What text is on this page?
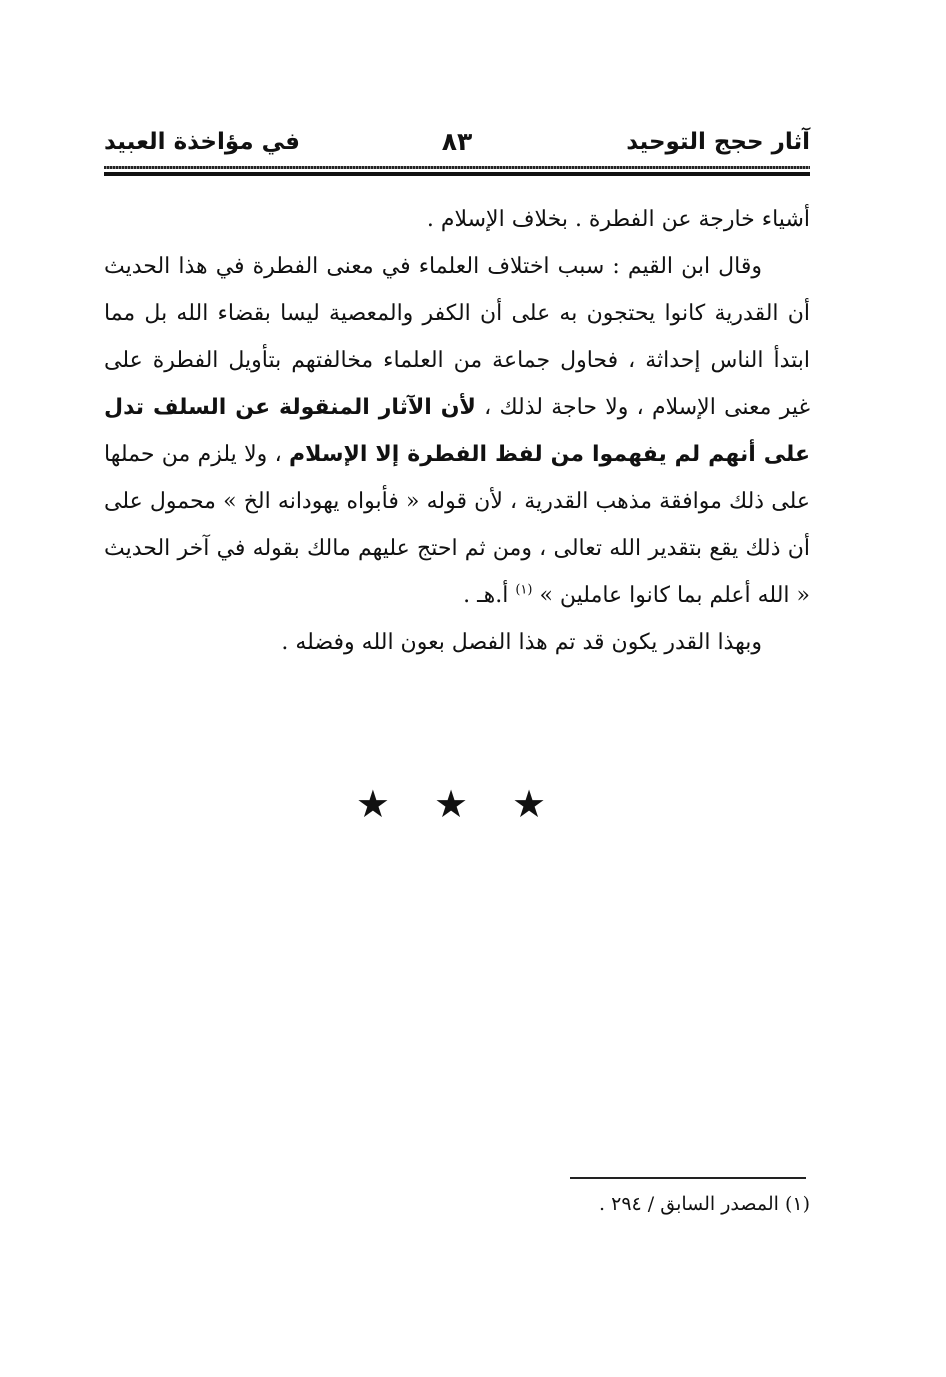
آثار حجج التوحيد
٨٣
في مؤاخذة العبيد

أشياء خارجة عن الفطرة . بخلاف الإسلام .

وقال ابن القيم : سبب اختلاف العلماء في معنى الفطرة في هذا الحديث أن القدرية كانوا يحتجون به على أن الكفر والمعصية ليسا بقضاء الله بل مما ابتدأ الناس إحداثة ، فحاول جماعة من العلماء مخالفتهم بتأويل الفطرة على غير معنى الإسلام ، ولا حاجة لذلك ، لأن الآثار المنقولة عن السلف تدل على أنهم لم يفهموا من لفظ الفطرة إلا الإسلام ، ولا يلزم من حملها على ذلك موافقة مذهب القدرية ، لأن قوله « فأبواه يهودانه الخ » محمول على أن ذلك يقع بتقدير الله تعالى ، ومن ثم احتج عليهم مالك بقوله في آخر الحديث « الله أعلم بما كانوا عاملين » $^{(١)}$ أ.هـ .

وبهذا القدر يكون قد تم هذا الفصل بعون الله وفضله .

★★★
(١) المصدر السابق / ٢٩٤ .
